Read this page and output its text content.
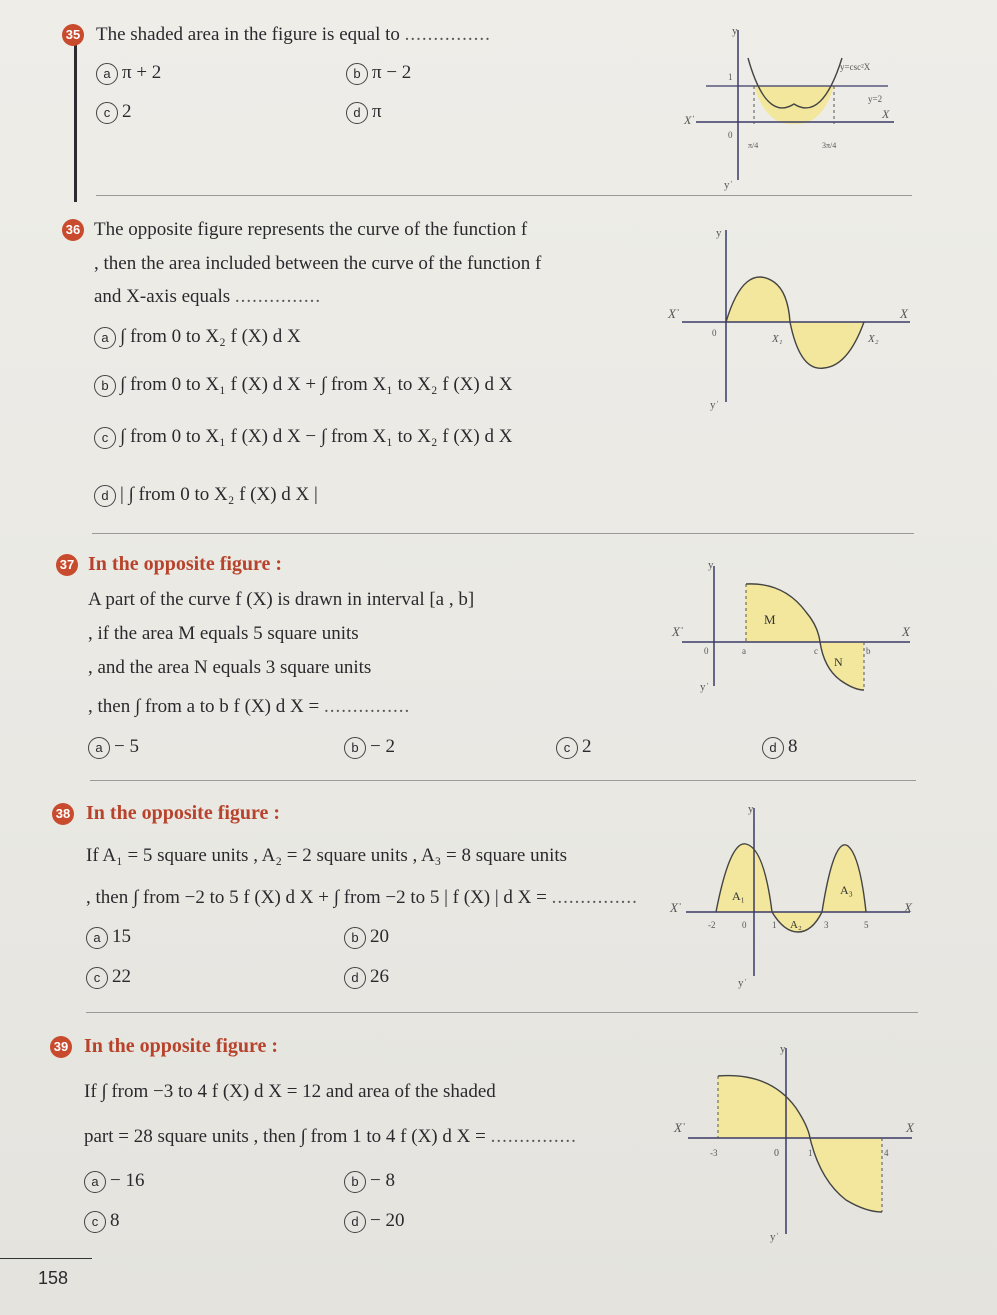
35 The shaded area in the figure is equal to ...............
a π + 2	b π − 2
c 2	d π
y
yˈ
X
Xˈ
0
1
y=csc²X
y=2
π/4	3π/4
36 The opposite figure represents the curve of the function f
, then the area included between the curve of the function f
and X-axis equals ...............
a ∫ from 0 to X₂ f (X) d X
b ∫ from 0 to X₁ f (X) d X + ∫ from X₁ to X₂ f (X) d X
c ∫ from 0 to X₁ f (X) d X − ∫ from X₁ to X₂ f (X) d X
d | ∫ from 0 to X₂ f (X) d X |
y
yˈ
X
Xˈ
0	X₁	X₂
37 In the opposite figure :
A part of the curve f (X) is drawn in interval [a , b]
, if the area M equals 5 square units
, and the area N equals 3 square units
, then ∫ from a to b f (X) d X = ...............
a − 5	b − 2	c 2	d 8
y
yˈ
X
Xˈ
0	a	c	b
M
N
38 In the opposite figure :
If A₁ = 5 square units , A₂ = 2 square units , A₃ = 8 square units
, then ∫ from −2 to 5 f (X) d X + ∫ from −2 to 5 | f (X) | d X = ...............
a 15	b 20
c 22	d 26
y
yˈ
X
Xˈ
0
-2	1	3	5
A₁
A₂
A₃
39 In the opposite figure :
If ∫ from −3 to 4 f (X) d X = 12 and area of the shaded
part = 28 square units , then ∫ from 1 to 4 f (X) d X = ...............
a − 16	b − 8
c 8	d − 20
y
yˈ
X
Xˈ
0
-3	1	4
158
